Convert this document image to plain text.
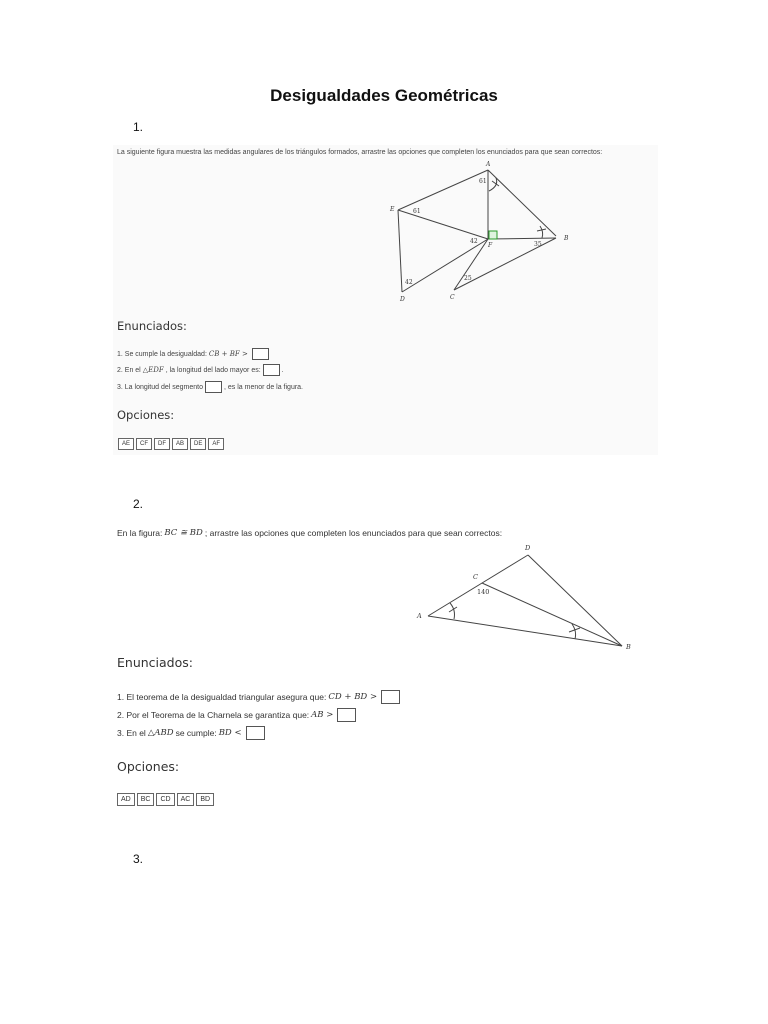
Desigualdades Geométricas
1.
La siguiente figura muestra las medidas angulares de los triángulos formados, arrastre las opciones que completen los enunciados para que sean correctos:
A
E
F
B
D	C
61
61
42	35
42
25
Enunciados:
1. Se cumple la desigualdad: CB + BF >
2. En el △EDF , la longitud del lado mayor es:	.
3. La longitud del segmento	, es la menor de la figura.
Opciones:
AE	CF	DF	AB	DE	AF
2.
En la figura: BC ≅ BD ; arrastre las opciones que completen los enunciados para que sean correctos:
D
C
A
B
140
Enunciados:
1. El teorema de la desigualdad triangular asegura que: CD + BD >
2. Por el Teorema de la Charnela se garantiza que: AB >
3. En el △ABD se cumple: BD <
Opciones:
AD	BC	CD	AC	BD
3.
